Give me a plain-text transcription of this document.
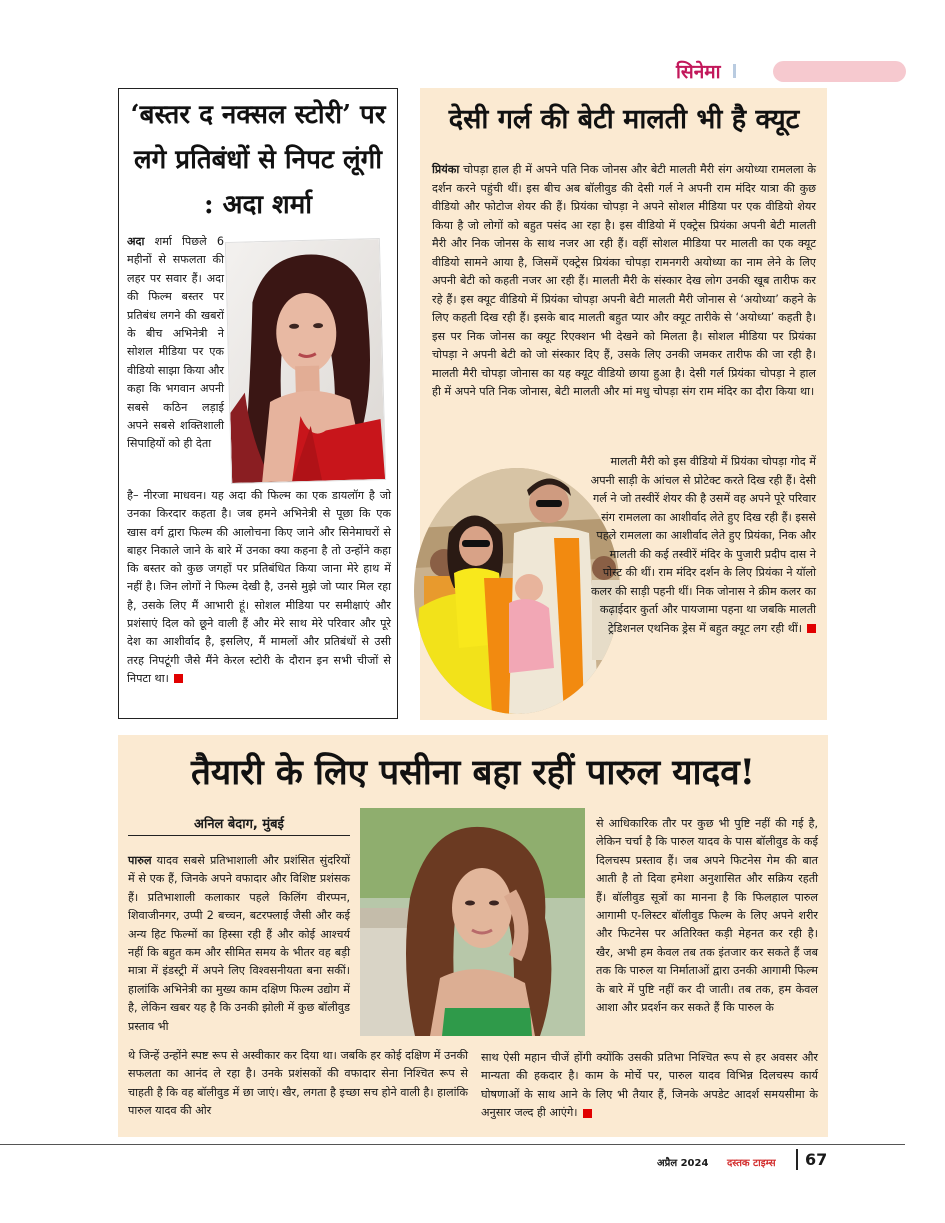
सिनेमा
‘बस्तर द नक्सल स्टोरी’ पर लगे प्रतिबंधों से निपट लूंगी : अदा शर्मा
अदा शर्मा पिछले 6 महीनों से सफलता की लहर पर सवार हैं। अदा की फिल्म बस्तर पर प्रतिबंध लगने की खबरों के बीच अभिनेत्री ने सोशल मीडिया पर एक वीडियो साझा किया और कहा कि भगवान अपनी सबसे कठिन लड़ाई अपने सबसे शक्तिशाली सिपाहियों को ही देता
है– नीरजा माधवन। यह अदा की फिल्म का एक डायलॉग है जो उनका किरदार कहता है। जब हमने अभिनेत्री से पूछा कि एक खास वर्ग द्वारा फिल्म की आलोचना किए जाने और सिनेमाघरों से बाहर निकाले जाने के बारे में उनका क्या कहना है तो उन्होंने कहा कि बस्तर को कुछ जगहों पर प्रतिबंधित किया जाना मेरे हाथ में नहीं है। जिन लोगों ने फिल्म देखी है, उनसे मुझे जो प्यार मिल रहा है, उसके लिए मैं आभारी हूं। सोशल मीडिया पर समीक्षाएं और प्रशंसाएं दिल को छूने वाली हैं और मेरे साथ मेरे परिवार और पूरे देश का आशीर्वाद है, इसलिए, मैं मामलों और प्रतिबंधों से उसी तरह निपटूंगी जैसे मैंने केरल स्टोरी के दौरान इन सभी चीजों से निपटा था।
देसी गर्ल की बेटी मालती भी है क्यूट
प्रियंका चोपड़ा हाल ही में अपने पति निक जोनस और बेटी मालती मैरी संग अयोध्या रामलला के दर्शन करने पहुंची थीं। इस बीच अब बॉलीवुड की देसी गर्ल ने अपनी राम मंदिर यात्रा की कुछ वीडियो और फोटोज शेयर की हैं। प्रियंका चोपड़ा ने अपने सोशल मीडिया पर एक वीडियो शेयर किया है जो लोगों को बहुत पसंद आ रहा है। इस वीडियो में एक्ट्रेस प्रियंका अपनी बेटी मालती मैरी और निक जोनस के साथ नजर आ रही हैं। वहीं सोशल मीडिया पर मालती का एक क्यूट वीडियो सामने आया है, जिसमें एक्ट्रेस प्रियंका चोपड़ा रामनगरी अयोध्या का नाम लेने के लिए अपनी बेटी को कहती नजर आ रही हैं। मालती मैरी के संस्कार देख लोग उनकी खूब तारीफ कर रहे हैं। इस क्यूट वीडियो में प्रियंका चोपड़ा अपनी बेटी मालती मैरी जोनास से ‘अयोध्या’ कहने के लिए कहती दिख रही हैं। इसके बाद मालती बहुत प्यार और क्यूट तारीके से ‘अयोध्या’ कहती है। इस पर निक जोनस का क्यूट रिएक्शन भी देखने को मिलता है। सोशल मीडिया पर प्रियंका चोपड़ा ने अपनी बेटी को जो संस्कार दिए हैं, उसके लिए उनकी जमकर तारीफ की जा रही है। मालती मैरी चोपड़ा जोनास का यह क्यूट वीडियो छाया हुआ है। देसी गर्ल प्रियंका चोपड़ा ने हाल ही में अपने पति निक जोनास, बेटी मालती और मां मधु चोपड़ा संग राम मंदिर का दौरा किया था।
मालती मैरी को इस वीडियो में प्रियंका चोपड़ा गोद में अपनी साड़ी के आंचल से प्रोटेक्ट करते दिख रही हैं। देसी गर्ल ने जो तस्वीरें शेयर की है उसमें वह अपने पूरे परिवार संग रामलला का आशीर्वाद लेते हुए दिख रही हैं। इससे पहले रामलला का आशीर्वाद लेते हुए प्रियंका, निक और मालती की कई तस्वीरें मंदिर के पुजारी प्रदीप दास ने पोस्ट की थीं। राम मंदिर दर्शन के लिए प्रियंका ने यॉलो कलर की साड़ी पहनी थीं। निक जोनास ने क्रीम कलर का कढ़ाईदार कुर्ता और पायजामा पहना था जबकि मालती ट्रेडिशनल एथनिक ड्रेस में बहुत क्यूट लग रही थीं।
तैयारी के लिए पसीना बहा रहीं पारुल यादव!
अनिल बेदाग, मुंबई
पारुल यादव सबसे प्रतिभाशाली और प्रशंसित सुंदरियों में से एक हैं, जिनके अपने वफादार और विशिष्ट प्रशंसक हैं। प्रतिभाशाली कलाकार पहले किलिंग वीरप्पन, शिवाजीनगर, उप्पी 2 बच्चन, बटरफ्लाई जैसी और कई अन्य हिट फिल्मों का हिस्सा रही हैं और कोई आश्चर्य नहीं कि बहुत कम और सीमित समय के भीतर वह बड़ी मात्रा में इंडस्ट्री में अपने लिए विश्वसनीयता बना सकीं। हालांकि अभिनेत्री का मुख्य काम दक्षिण फिल्म उद्योग में है, लेकिन खबर यह है कि उनकी झोली में कुछ बॉलीवुड प्रस्ताव भी
थे जिन्हें उन्होंने स्पष्ट रूप से अस्वीकार कर दिया था। जबकि हर कोई दक्षिण में उनकी सफलता का आनंद ले रहा है। उनके प्रशंसकों की वफादार सेना निश्चित रूप से चाहती है कि वह बॉलीवुड में छा जाएं। खैर, लगता है इच्छा सच होने वाली है। हालांकि पारुल यादव की ओर
से आधिकारिक तौर पर कुछ भी पुष्टि नहीं की गई है, लेकिन चर्चा है कि पारुल यादव के पास बॉलीवुड के कई दिलचस्प प्रस्ताव हैं। जब अपने फिटनेस गेम की बात आती है तो दिवा हमेशा अनुशासित और सक्रिय रहती हैं। बॉलीवुड सूत्रों का मानना है कि फिलहाल पारुल आगामी ए-लिस्टर बॉलीवुड फिल्म के लिए अपने शरीर और फिटनेस पर अतिरिक्त कड़ी मेहनत कर रही है। खैर, अभी हम केवल तब तक इंतजार कर सकते हैं जब तक कि पारुल या निर्माताओं द्वारा उनकी आगामी फिल्म के बारे में पुष्टि नहीं कर दी जाती। तब तक, हम केवल आशा और प्रदर्शन कर सकते हैं कि पारुल के
साथ ऐसी महान चीजें होंगी क्योंकि उसकी प्रतिभा निश्चित रूप से हर अवसर और मान्यता की हकदार है। काम के मोर्चे पर, पारुल यादव विभिन्न दिलचस्प कार्य घोषणाओं के साथ आने के लिए भी तैयार हैं, जिनके अपडेट आदर्श समयसीमा के अनुसार जल्द ही आएंगे।
अप्रैल 2024 दस्तक टाइम्स 67
